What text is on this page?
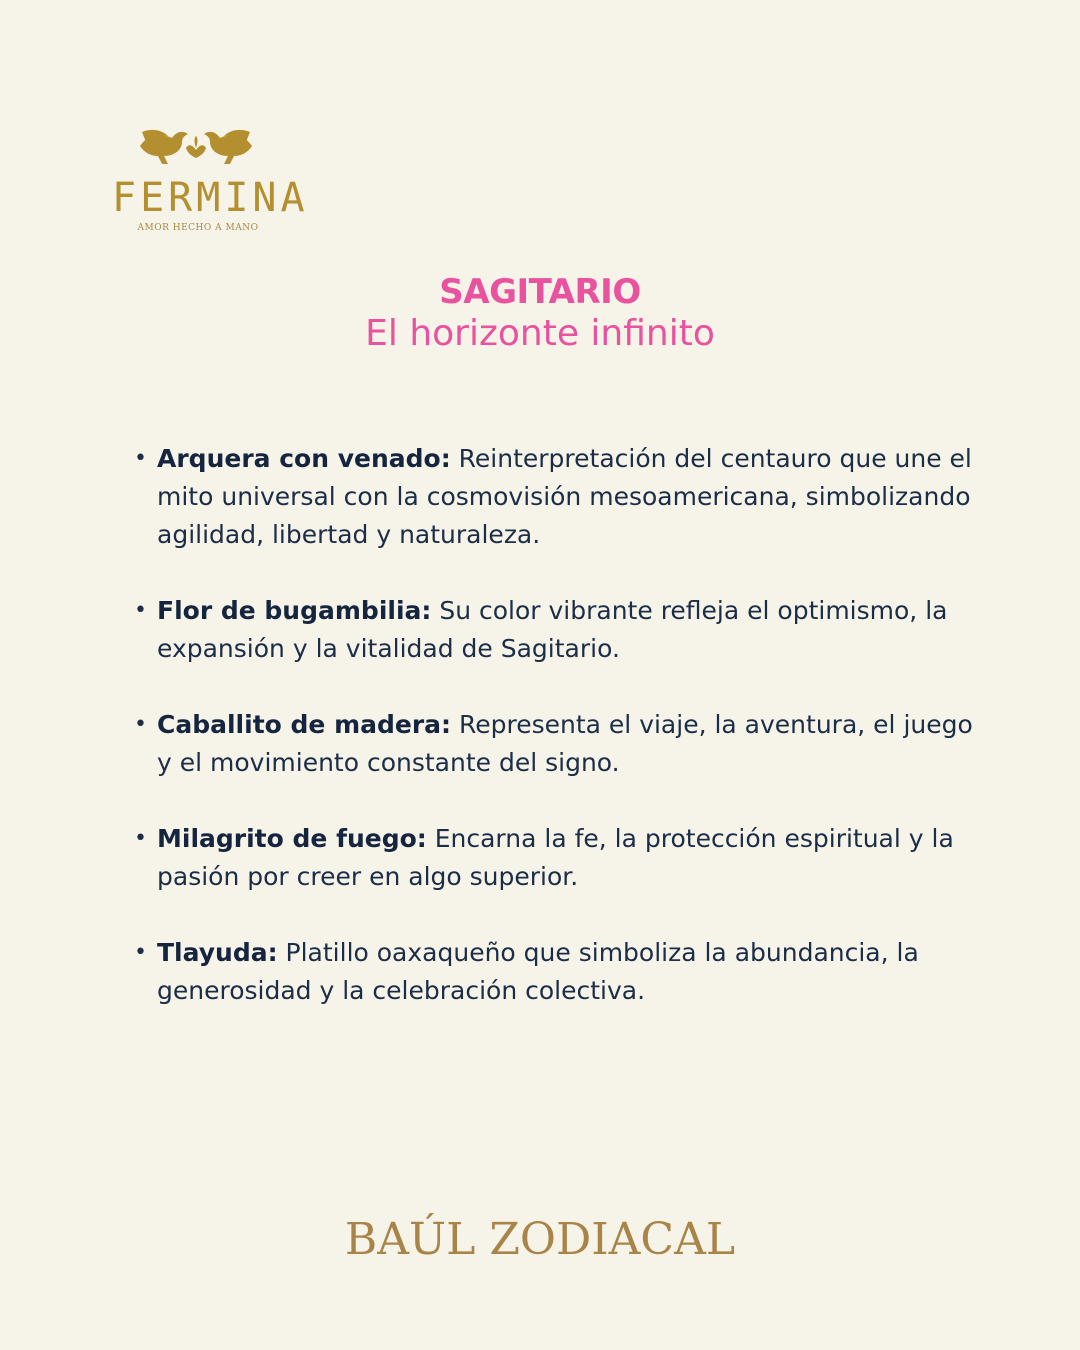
FERMINA
AMOR HECHO A MANO
SAGITARIO
El horizonte infinito
• Arquera con venado: Reinterpretación del centauro que une el mito universal con la cosmovisión mesoamericana, simbolizando agilidad, libertad y naturaleza.
• Flor de bugambilia: Su color vibrante refleja el optimismo, la expansión y la vitalidad de Sagitario.
• Caballito de madera: Representa el viaje, la aventura, el juego y el movimiento constante del signo.
• Milagrito de fuego: Encarna la fe, la protección espiritual y la pasión por creer en algo superior.
• Tlayuda: Platillo oaxaqueño que simboliza la abundancia, la generosidad y la celebración colectiva.
BAÚL ZODIACAL
